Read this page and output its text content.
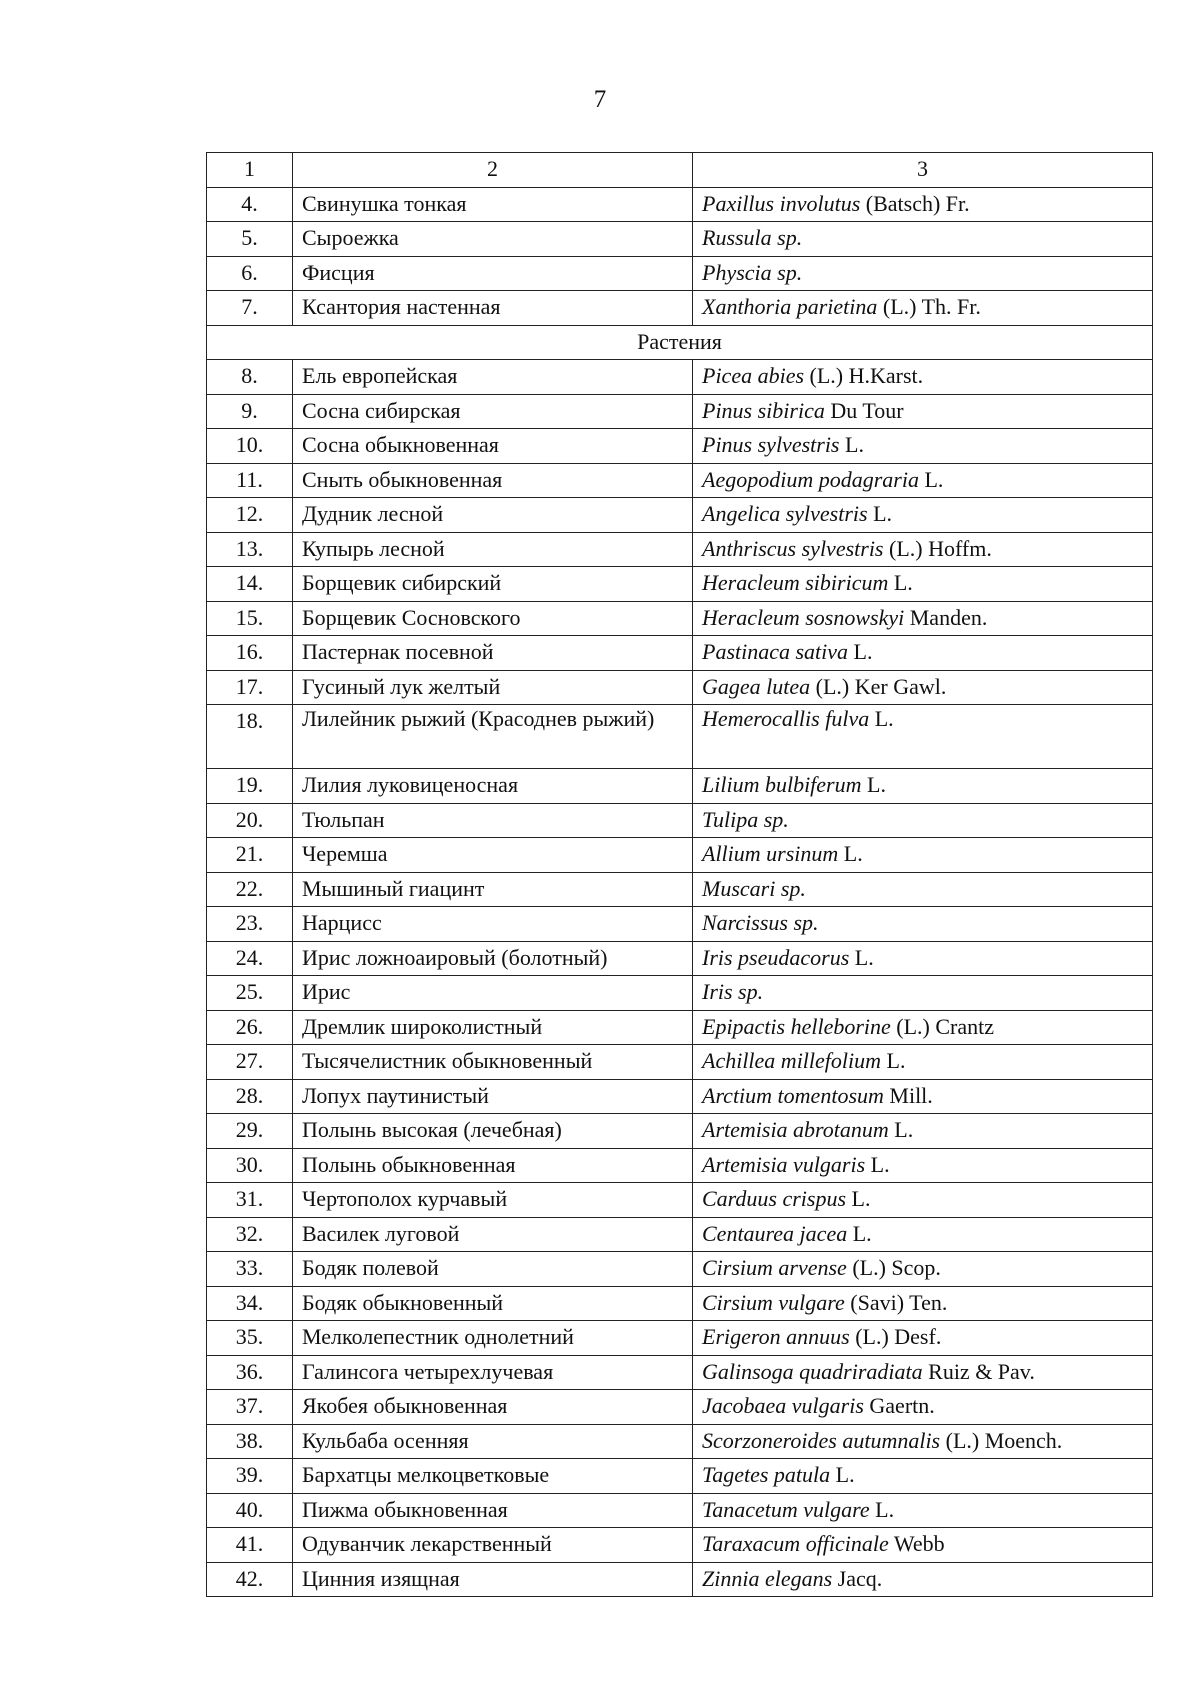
7
1	2	3
4.	Свинушка тонкая	Paxillus involutus (Batsch) Fr.
5.	Сыроежка	Russula sp.
6.	Фисция	Physcia sp.
7.	Ксантория настенная	Xanthoria parietina (L.) Th. Fr.
Растения		
8.	Ель европейская	Picea abies (L.) H.Karst.
9.	Сосна сибирская	Pinus sibirica Du Tour
10.	Сосна обыкновенная	Pinus sylvestris L.
11.	Сныть обыкновенная	Aegopodium podagraria L.
12.	Дудник лесной	Angelica sylvestris L.
13.	Купырь лесной	Anthriscus sylvestris (L.) Hoffm.
14.	Борщевик сибирский	Heracleum sibiricum L.
15.	Борщевик Сосновского	Heracleum sosnowskyi Manden.
16.	Пастернак посевной	Pastinaca sativa L.
17.	Гусиный лук желтый	Gagea lutea (L.) Ker Gawl.
18.	Лилейник рыжий (Красоднев рыжий)	Hemerocallis fulva L.
19.	Лилия луковиценосная	Lilium bulbiferum L.
20.	Тюльпан	Tulipa sp.
21.	Черемша	Allium ursinum L.
22.	Мышиный гиацинт	Muscari sp.
23.	Нарцисс	Narcissus sp.
24.	Ирис ложноаировый (болотный)	Iris pseudacorus L.
25.	Ирис	Iris sp.
26.	Дремлик широколистный	Epipactis helleborine (L.) Crantz
27.	Тысячелистник обыкновенный	Achillea millefolium L.
28.	Лопух паутинистый	Arctium tomentosum Mill.
29.	Полынь высокая (лечебная)	Artemisia abrotanum L.
30.	Полынь обыкновенная	Artemisia vulgaris L.
31.	Чертополох курчавый	Carduus crispus L.
32.	Василек луговой	Centaurea jacea L.
33.	Бодяк полевой	Cirsium arvense (L.) Scop.
34.	Бодяк обыкновенный	Cirsium vulgare (Savi) Ten.
35.	Мелколепестник однолетний	Erigeron annuus (L.) Desf.
36.	Галинсога четырехлучевая	Galinsoga quadriradiata Ruiz & Pav.
37.	Якобея обыкновенная	Jacobaea vulgaris Gaertn.
38.	Кульбаба осенняя	Scorzoneroides autumnalis (L.) Moench.
39.	Бархатцы мелкоцветковые	Tagetes patula L.
40.	Пижма обыкновенная	Tanacetum vulgare L.
41.	Одуванчик лекарственный	Taraxacum officinale Webb
42.	Цинния изящная	Zinnia elegans Jacq.
